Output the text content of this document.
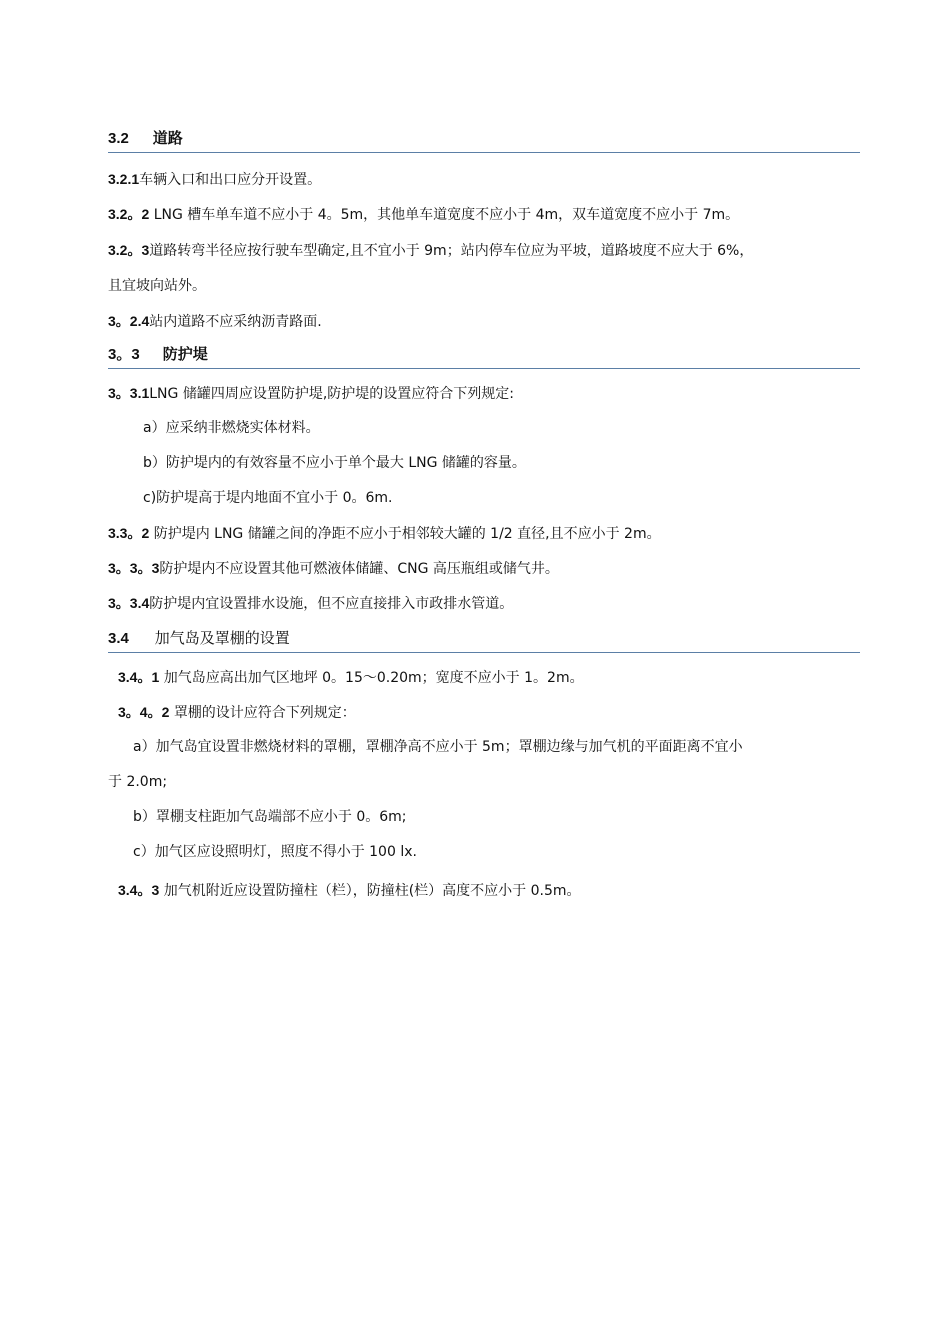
3.2 道路
3.2.1车辆入口和出口应分开设置。
3.2。2 LNG 槽车单车道不应小于 4。5m，其他单车道宽度不应小于 4m，双车道宽度不应小于 7m。
3.2。3道路转弯半径应按行驶车型确定,且不宜小于 9m；站内停车位应为平坡，道路坡度不应大于 6%，
且宜坡向站外。
3。2.4站内道路不应采纳沥青路面.
3。3 防护堤
3。3.1LNG 储罐四周应设置防护堤,防护堤的设置应符合下列规定:
a）应采纳非燃烧实体材料。
b）防护堤内的有效容量不应小于单个最大 LNG 储罐的容量。
c)防护堤高于堤内地面不宜小于 0。6m.
3.3。2 防护堤内 LNG 储罐之间的净距不应小于相邻较大罐的 1/2 直径,且不应小于 2m。
3。3。3防护堤内不应设置其他可燃液体储罐、CNG 高压瓶组或储气井。
3。3.4防护堤内宜设置排水设施，但不应直接排入市政排水管道。
3.4 加气岛及罩棚的设置
3.4。1 加气岛应高出加气区地坪 0。15～0.20m；宽度不应小于 1。2m。
3。4。2 罩棚的设计应符合下列规定：
a）加气岛宜设置非燃烧材料的罩棚，罩棚净高不应小于 5m；罩棚边缘与加气机的平面距离不宜小
于 2.0m;
b）罩棚支柱距加气岛端部不应小于 0。6m;
c）加气区应设照明灯，照度不得小于 100 lx.
3.4。3 加气机附近应设置防撞柱（栏），防撞柱(栏）高度不应小于 0.5m。
